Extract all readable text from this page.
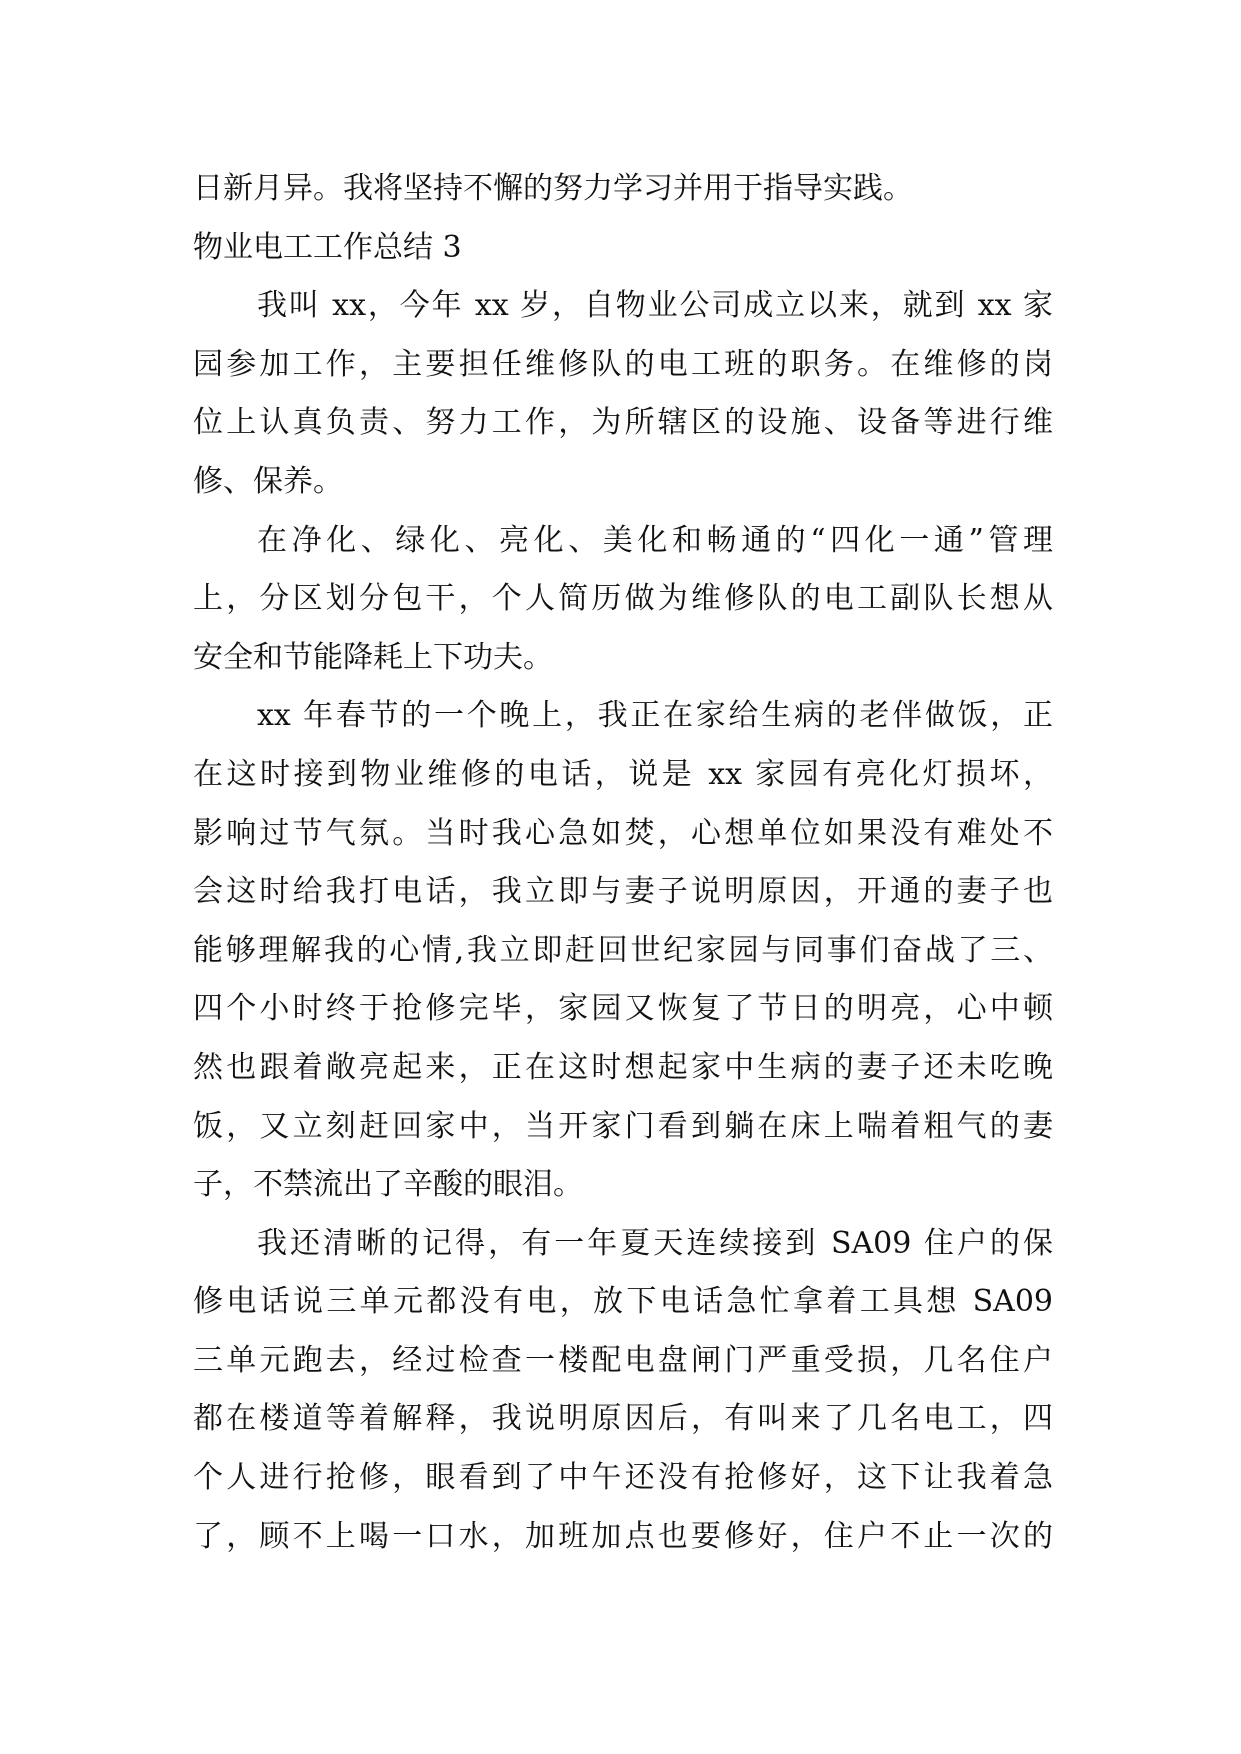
日新月异。我将坚持不懈的努力学习并用于指导实践。
物业电工工作总结 3
我叫 xx，今年 xx 岁，自物业公司成立以来，就到 xx 家
园参加工作，主要担任维修队的电工班的职务。在维修的岗
位上认真负责、努力工作，为所辖区的设施、设备等进行维
修、保养。
在净化、绿化、亮化、美化和畅通的“四化一通”管理
上，分区划分包干，个人简历做为维修队的电工副队长想从
安全和节能降耗上下功夫。
xx 年春节的一个晚上，我正在家给生病的老伴做饭，正
在这时接到物业维修的电话，说是 xx 家园有亮化灯损坏，
影响过节气氛。当时我心急如焚，心想单位如果没有难处不
会这时给我打电话，我立即与妻子说明原因，开通的妻子也
能够理解我的心情,我立即赶回世纪家园与同事们奋战了三、
四个小时终于抢修完毕，家园又恢复了节日的明亮，心中顿
然也跟着敞亮起来，正在这时想起家中生病的妻子还未吃晚
饭，又立刻赶回家中，当开家门看到躺在床上喘着粗气的妻
子，不禁流出了辛酸的眼泪。
我还清晰的记得，有一年夏天连续接到 SA09 住户的保
修电话说三单元都没有电，放下电话急忙拿着工具想 SA09
三单元跑去，经过检查一楼配电盘闸门严重受损，几名住户
都在楼道等着解释，我说明原因后，有叫来了几名电工，四
个人进行抢修，眼看到了中午还没有抢修好，这下让我着急
了，顾不上喝一口水，加班加点也要修好，住户不止一次的
